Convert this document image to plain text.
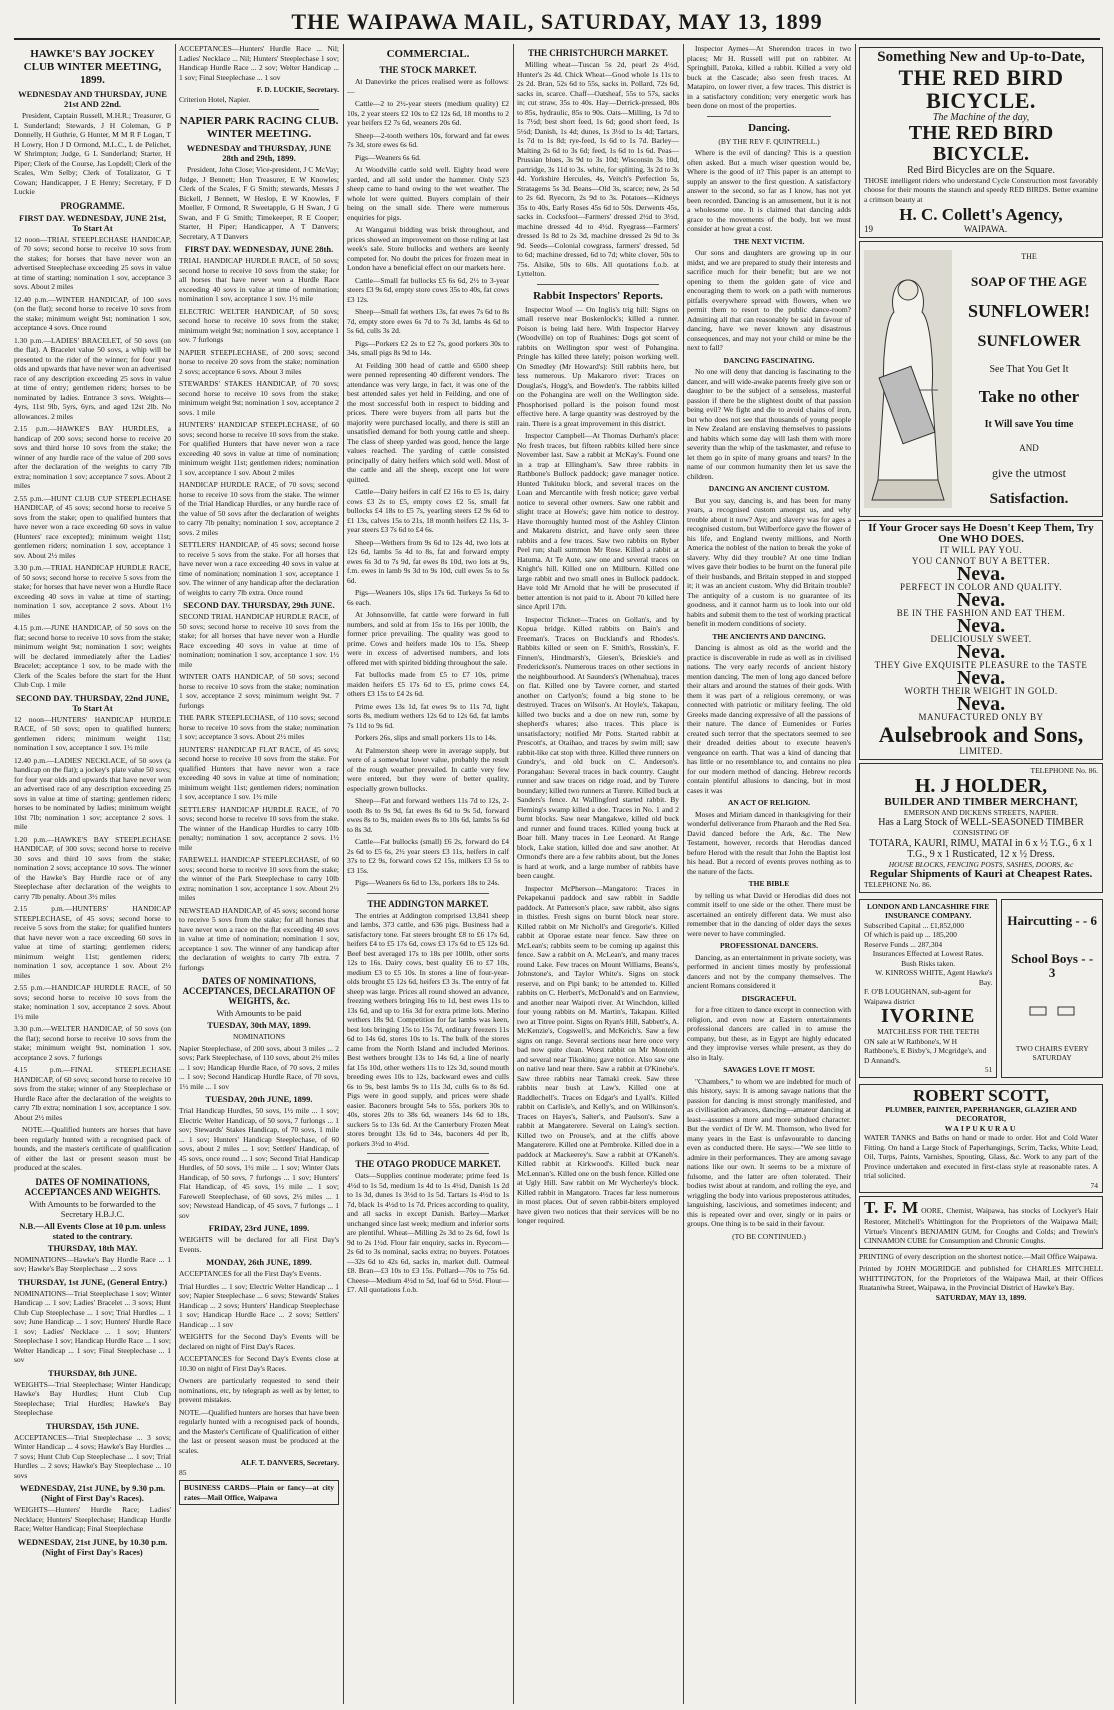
THE WAIPAWA MAIL, SATURDAY, MAY 13, 1899
HAWKE'S BAY JOCKEY CLUB WINTER MEETING, 1899.
WEDNESDAY AND THURSDAY, JUNE 21st AND 22nd.
President, Captain Russell, M.H.R.; Treasurer, G L Sunderland; Stewards, J H Coleman, G P Donnelly, H Guthrie, G Hunter, M M R F Logan, T H Lowry, Hon J D Ormond, M.L.C., L de Pelichet, W Shrimpton; Judge, G L Sunderland; Starter, H Piper; Clerk of the Course, Jas Lopdell; Clerk of the Scales, Wm Selby; Clerk of Totalizator, G T Cowan; Handicapper, J E Henry; Secretary, F D Luckie
PROGRAMME.
FIRST DAY. WEDNESDAY, JUNE 21st, To Start At
12 noon—TRIAL STEEPLECHASE HANDICAP, of 70 sovs; second horse to receive 10 sovs from the stakes; for horses that have never won an advertised Steeplechase exceeding 25 sovs in value at time of starting; nomination 1 sov, acceptance 3 sovs. About 2 miles
12.40 p.m.—WINTER HANDICAP, of 100 sovs (on the flat); second horse to receive 10 sovs from the stake; minimum weight 9st; nomination 1 sov, acceptance 4 sovs. Once round
1.30 p.m.—LADIES' BRACELET, of 50 sovs (on the flat). A Bracelet value 50 sovs, a whip will be presented to the rider of the winner; for four year olds and upwards that have never won an advertised race of any description exceeding 25 sovs in value at time of entry; gentlemen riders; horses to be nominated by ladies. Entrance 3 sovs. Weights—4yrs, 11st 9lb, 5yrs, 6yrs, and aged 12st 2lb. No allowances. 2 miles
2.15 p.m.—HAWKE'S BAY HURDLES, a handicap of 200 sovs; second horse to receive 20 sovs and third horse 10 sovs from the stake; the winner of any hurdle race of the value of 200 sovs after the declaration of the weights to carry 7lb extra; nomination 1 sov; acceptance 7 sovs. About 2 miles
2.55 p.m.—HUNT CLUB CUP STEEPLECHASE HANDICAP, of 45 sovs; second horse to receive 5 sovs from the stake; open to qualified hunters that have never won a race exceeding 60 sovs in value (Hunters' race excepted); minimum weight 11st; gentlemen riders; nomination 1 sov, acceptance 1 sov. About 2½ miles
3.30 p.m.—TRIAL HANDICAP HURDLE RACE, of 50 sovs; second horse to receive 5 sovs from the stake; for horses that have never won a Hurdle Race exceeding 40 sovs in value at time of starting; nomination 1 sov, acceptance 2 sovs. About 1½ miles
4.15 p.m.—JUNE HANDICAP, of 50 sovs on the flat; second horse to receive 10 sovs from the stake; minimum weight 9st; nomination 1 sov; weights will be declared immediately after the Ladies' Bracelet; acceptance 1 sov, to be made with the Clerk of the Scales before the start for the Hunt Club Cup. 1 mile
SECOND DAY. THURSDAY, 22nd JUNE, To Start At
12 noon—HUNTERS' HANDICAP HURDLE RACE, of 50 sovs; open to qualified hunters; gentlemen riders; minimum weight 11st; nomination 1 sov, acceptance 1 sov. 1½ mile
12.40 p.m.—LADIES' NECKLACE, of 50 sovs (a handicap on the flat); a jockey's plate value 50 sovs; for four year olds and upwards that have never won an advertised race of any description exceeding 25 sovs in value at time of starting; gentlemen riders; horses to be nominated by ladies; minimum weight 10st 7lb; nomination 1 sov; acceptance 2 sovs. 1 mile
1.20 p.m.—HAWKE'S BAY STEEPLECHASE HANDICAP, of 300 sovs; second horse to receive 30 sovs and third 10 sovs from the stake; nomination 2 sovs; acceptance 10 sovs. The winner of the Hawke's Bay Hurdle race or of any Steeplechase after declaration of the weights to carry 7lb penalty. About 3½ miles
2.15 p.m.—HUNTERS' HANDICAP STEEPLECHASE, of 45 sovs; second horse to receive 5 sovs from the stake; for qualified hunters that have never won a race exceeding 60 sovs in value at time of starting; gentlemen riders; minimum weight 11st; gentlemen riders; nomination 1 sov, acceptance 1 sov. About 2½ miles
2.55 p.m.—HANDICAP HURDLE RACE, of 50 sovs; second horse to receive 10 sovs from the stake; nomination 1 sov, acceptance 2 sovs. About 1½ mile
3.30 p.m.—WELTER HANDICAP, of 50 sovs (on the flat); second horse to receive 10 sovs from the stake; minimum weight 9st, nomination 1 sov, acceptance 2 sovs. 7 furlongs
4.15 p.m.—FINAL STEEPLECHASE HANDICAP, of 60 sovs; second horse to receive 10 sovs from the stake; winner of any Steeplechase or Hurdle Race after the declaration of the weights to carry 7lb extra; nomination 1 sov, acceptance 1 sov. About 2½ miles
NOTE.—Qualified hunters are horses that have been regularly hunted with a recognised pack of hounds, and the master's certificate of qualification of either the last or present season must be produced at the scales.
DATES OF NOMINATIONS, ACCEPTANCES AND WEIGHTS.
With Amounts to be forwarded to the Secretary H.B.J.C.
N.B.—All Events Close at 10 p.m. unless stated to the contrary.
THURSDAY, 18th MAY.
NOMINATIONS—Hawke's Bay Hurdle Race ... 1 sov; Hawke's Bay Steeplechase ... 2 sovs
THURSDAY, 1st JUNE, (General Entry.)
NOMINATIONS—Trial Steeplechase 1 sov; Winter Handicap ... 1 sov; Ladies' Bracelet ... 3 sovs; Hunt Club Cup Steeplechase ... 1 sov; Trial Hurdles ... 1 sov; June Handicap ... 1 sov; Hunters' Hurdle Race 1 sov; Ladies' Necklace ... 1 sov; Hunters' Steeplechase 1 sov; Handicap Hurdle Race ... 1 sov; Welter Handicap ... 1 sov; Final Steeplechase ... 1 sov
THURSDAY, 8th JUNE.
WEIGHTS—Trial Steeplechase; Winter Handicap; Hawke's Bay Hurdles; Hunt Club Cup Steeplechase; Trial Hurdles; Hawke's Bay Steeplechase
THURSDAY, 15th JUNE.
ACCEPTANCES—Trial Steeplechase ... 3 sovs; Winter Handicap ... 4 sovs; Hawke's Bay Hurdles ... 7 sovs; Hunt Club Cup Steeplechase ... 1 sov; Trial Hurdles ... 2 sovs; Hawke's Bay Steeplechase ... 10 sovs
WEDNESDAY, 21st JUNE, by 9.30 p.m. (Night of First Day's Races).
WEIGHTS—Hunters' Hurdle Race; Ladies' Necklace; Hunters' Steeplechase; Handicap Hurdle Race; Welter Handicap; Final Steeplechase
WEDNESDAY, 21st JUNE, by 10.30 p.m. (Night of First Day's Races)
ACCEPTANCES—Hunters' Hurdle Race ... Nil; Ladies' Necklace ... Nil; Hunters' Steeplechase 1 sov; Handicap Hurdle Race ... 2 sov; Welter Handicap ... 1 sov; Final Steeplechase ... 1 sov
F. D. LUCKIE, Secretary.
Criterion Hotel, Napier.
NAPIER PARK RACING CLUB. WINTER MEETING.
WEDNESDAY and THURSDAY, JUNE 28th and 29th, 1899.
President, John Close; Vice-president, J C McVay; Judge, J Bennett; Hon Treasurer, E W Knowles; Clerk of the Scales, F G Smith; stewards, Messrs J Bickell, J Bennett, W Heslop, E W Knowles, F Moeller, F Ormond, R Sweetapple, G H Swan, J G Swan, and F G Smith; Timekeeper, R E Cooper; Starter, H Piper; Handicapper, A T Danvers; Secretary, A T Danvers
FIRST DAY. WEDNESDAY, JUNE 28th.
TRIAL HANDICAP HURDLE RACE, of 50 sovs; second horse to receive 10 sovs from the stake; for all horses that have never won a Hurdle Race exceeding 40 sovs in value at time of nomination; nomination 1 sov, acceptance 1 sov. 1½ mile
ELECTRIC WELTER HANDICAP, of 50 sovs; second horse to receive 10 sovs from the stake; minimum weight 9st; nomination 1 sov, acceptance 1 sov. 7 furlongs
NAPIER STEEPLECHASE, of 200 sovs; second horse to receive 20 sovs from the stake; nomination 2 sovs; acceptance 6 sovs. About 3 miles
STEWARDS' STAKES HANDICAP, of 70 sovs; second horse to receive 10 sovs from the stake; minimum weight 9st; nomination 1 sov, acceptance 2 sovs. 1 mile
HUNTERS' HANDICAP STEEPLECHASE, of 60 sovs; second horse to receive 10 sovs from the stake. For qualified Hunters that have never won a race exceeding 40 sovs in value at time of nomination; minimum weight 11st; gentlemen riders; nomination 1 sov, acceptance 1 sov. About 2 miles
HANDICAP HURDLE RACE, of 70 sovs; second horse to receive 10 sovs from the stake. The winner of the Trial Handicap Hurdles, or any hurdle race of the value of 50 sovs after the declaration of weights to carry 7lb penalty; nomination 1 sov, acceptance 2 sovs. 2 miles
SETTLERS' HANDICAP, of 45 sovs; second horse to receive 5 sovs from the stake. For all horses that have never won a race exceeding 40 sovs in value at time of nomination; nomination 1 sov, acceptance 1 sov. The winner of any handicap after the declaration of weights to carry 7lb extra. Once round
SECOND DAY. THURSDAY, 29th JUNE.
SECOND TRIAL HANDICAP HURDLE RACE, of 50 sovs; second horse to receive 10 sovs from the stake; for all horses that have never won a Hurdle Race exceeding 40 sovs in value at time of nomination; nomination 1 sov, acceptance 1 sov. 1½ mile
WINTER OATS HANDICAP, of 50 sovs; second horse to receive 10 sovs from the stake; nomination 1 sov, acceptance 2 sovs; minimum weight 9st. 7 furlongs
THE PARK STEEPLECHASE, of 110 sovs; second horse to receive 10 sovs from the stake; nomination 1 sov; acceptance 3 sovs. About 2½ miles
HUNTERS' HANDICAP FLAT RACE, of 45 sovs; second horse to receive 10 sovs from the stake. For qualified Hunters that have never won a race exceeding 40 sovs in value at time of nomination; minimum weight 11st; gentlemen riders; nomination 1 sov, acceptance 1 sov. 1½ mile
SETTLERS' HANDICAP HURDLE RACE, of 70 sovs; second horse to receive 10 sovs from the stake. The winner of the Handicap Hurdles to carry 10lb penalty; nomination 1 sov, acceptance 2 sovs. 1½ mile
FAREWELL HANDICAP STEEPLECHASE, of 60 sovs; second horse to receive 10 sovs from the stake; the winner of the Park Steeplechase to carry 10lb extra; nomination 1 sov, acceptance 1 sov. About 2½ miles
NEWSTEAD HANDICAP, of 45 sovs; second horse to receive 5 sovs from the stake; for all horses that have never won a race on the flat exceeding 40 sovs in value at time of nomination; nomination 1 sov, acceptance 1 sov. The winner of any handicap after the declaration of weights to carry 7lb extra. 7 furlongs
DATES OF NOMINATIONS, ACCEPTANCES, DECLARATION OF WEIGHTS, &c.
With Amounts to be paid
TUESDAY, 30th MAY, 1899.
NOMINATIONS
Napier Steeplechase, of 200 sovs, about 3 miles ... 2 sovs; Park Steeplechase, of 110 sovs, about 2½ miles ... 1 sov; Handicap Hurdle Race, of 70 sovs, 2 miles ... 1 sov; Second Handicap Hurdle Race, of 70 sovs, 1½ mile ... 1 sov
TUESDAY, 20th JUNE, 1899.
Trial Handicap Hurdles, 50 sovs, 1½ mile ... 1 sov; Electric Welter Handicap, of 50 sovs, 7 furlongs ... 1 sov; Stewards' Stakes Handicap, of 70 sovs, 1 mile ... 1 sov; Hunters' Handicap Steeplechase, of 60 sovs, about 2 miles ... 1 sov; Settlers' Handicap, of 45 sovs, once round ... 1 sov; Second Trial Handicap Hurdles, of 50 sovs, 1½ mile ... 1 sov; Winter Oats Handicap, of 50 sovs, 7 furlongs ... 1 sov; Hunters' Flat Handicap, of 45 sovs, 1½ mile ... 1 sov; Farewell Steeplechase, of 60 sovs, 2½ miles ... 1 sov; Newstead Handicap, of 45 sovs, 7 furlongs ... 1 sov
FRIDAY, 23rd JUNE, 1899.
WEIGHTS will be declared for all First Day's Events.
MONDAY, 26th JUNE, 1899.
ACCEPTANCES for all the First Day's Events.
Trial Hurdles ... 1 sov; Electric Welter Handicap ... 1 sov; Napier Steeplechase ... 6 sovs; Stewards' Stakes Handicap ... 2 sovs; Hunters' Handicap Steeplechase 1 sov; Handicap Hurdle Race ... 2 sovs; Settlers' Handicap ... 1 sov
WEIGHTS for the Second Day's Events will be declared on night of First Day's Races.
ACCEPTANCES for Second Day's Events close at 10.30 on night of First Day's Races.
Owners are particularly requested to send their nominations, etc, by telegraph as well as by letter, to prevent mistakes.
NOTE.—Qualified hunters are horses that have been regularly hunted with a recognised pack of hounds, and the Master's Certificate of Qualification of either the last or present season must be produced at the scales.
ALF. T. DANVERS, Secretary.
85
BUSINESS CARDS—Plain or fancy—at city rates—Mail Office, Waipawa
COMMERCIAL.
THE STOCK MARKET.
At Danevirke the prices realised were as follows:—
Cattle—2 to 2½-year steers (medium quality) £2 10s, 2 year steers £2 10s to £2 12s 6d, 18 months to 2 year heifers £2 7s 6d, weaners 20s 6d.
Sheep—2-tooth wethers 10s, forward and fat ewes 7s 3d, store ewes 6s 6d.
Pigs—Weaners 6s 6d.
At Woodville cattle sold well. Eighty head were yarded, and all sold under the hammer. Only 523 sheep came to hand owing to the wet weather. The whole lot were quitted. Buyers complain of their being on the small side. There were numerous enquiries for pigs.
At Wanganui bidding was brisk throughout, and prices showed an improvement on those ruling at last week's sale. Store bullocks and wethers are keenly competed for. No doubt the prices for frozen meat in London have a beneficial effect on our markets here.
Cattle—Small fat bullocks £5 6s 6d, 2½ to 3-year steers £3 9s 6d, empty store cows 35s to 40s, fat cows £3 12s.
Sheep—Small fat wethers 13s, fat ewes 7s 6d to 8s 7d, empty store ewes 6s 7d to 7s 3d, lambs 4s 6d to 5s 6d, culls 3s 2d.
Pigs—Porkers £2 2s to £2 7s, good porkers 30s to 34s, small pigs 8s 9d to 14s.
At Feilding 300 head of cattle and 6500 sheep were penned representing 40 different vendors. The attendance was very large, in fact, it was one of the best attended sales yet held in Feilding, and one of the most successful both in respect to bidding and prices. There were buyers from all parts but the majority were purchased locally, and there is still an unsatisfied demand for both young cattle and sheep. The class of sheep yarded was good, hence the large values reached. The yarding of cattle consisted principally of dairy heifers which sold well. Most of the cattle and all the sheep, except one lot were quitted.
Cattle—Dairy heifers in calf £2 16s to £5 1s, dairy cows £3 2s to £5, empty cows £2 5s, small fat bullocks £4 18s to £5 7s, yearling steers £2 9s 6d to £1 13s, calves 15s to 21s, 18 month heifers £2 11s, 3-year steers £3 7s 6d to £4 6s.
Sheep—Wethers from 9s 6d to 12s 4d, two lots at 12s 6d, lambs 5s 4d to 8s, fat and forward empty ewes 6s 3d to 7s 9d, fat ewes 8s 10d, two lots at 9s, f.m. ewes in lamb 9s 3d to 9s 10d, cull ewes 5s to 5s 6d.
Pigs—Weaners 10s, slips 17s 6d. Turkeys 5s 6d to 6s each.
At Johnsonville, fat cattle were forward in full numbers, and sold at from 15s to 16s per 100lb, the former price prevailing. The quality was good to prime. Cows and heifers made 10s to 15s. Sheep were in excess of advertised numbers, and lots offered met with spirited bidding throughout the sale.
Fat bullocks made from £5 to £7 10s, prime maiden heifers £5 17s 6d to £5, prime cows £4, others £3 15s to £4 2s 6d.
Prime ewes 13s 1d, fat ewes 9s to 11s 7d, light sorts 8s, medium wethers 12s 6d to 12s 6d, fat lambs 7s 11d to 9s 6d.
Porkers 26s, slips and small porkers 11s to 14s.
At Palmerston sheep were in average supply, but were of a somewhat lower value, probably the result of the rough weather prevailed. In cattle very few were entered, but they were of better quality, especially grown bullocks.
Sheep—Fat and forward wethers 11s 7d to 12s, 2-tooth 8s to 9s 9d, fat ewes 8s 6d to 9s 5d, forward ewes 8s to 9s, maiden ewes 8s to 10s 6d, lambs 5s 6d to 8s 3d.
Cattle—Fat bullocks (small) £6 2s, forward do £4 2s 6d to £5 6s, 2½ year steers £3 11s, heifers in calf 37s to £2 9s, forward cows £2 15s, milkers £3 5s to £3 15s.
Pigs—Weaners 6s 6d to 13s, porkers 18s to 24s.
THE ADDINGTON MARKET.
The entries at Addington comprised 13,841 sheep and lambs, 373 cattle, and 636 pigs. Business had a satisfactory tone. Fat steers brought £8 to £6 17s 6d, heifers £4 to £5 17s 6d, cows £3 17s 6d to £5 12s 6d. Beef best averaged 17s to 18s per 100lb, other sorts 12s to 16s. Dairy cows, best quality £6 to £7 10s, medium £3 to £5 10s. In stores a line of four-year-olds brought £5 12s 6d, heifers £3 3s. The entry of fat sheep was large. Prices all round showed an advance, freezing wethers bringing 16s to 1d, best ewes 11s to 13s 6d, and up to 16s 3d for extra prime lots. Merino wethers 18s 9d. Competition for fat lambs was keen, best lots bringing 15s to 15s 7d, ordinary freezers 11s 6d to 14s 6d, stores 10s to 1s. The bulk of the stores came from the North Island and included Merinos. Best wethers brought 13s to 14s 6d, a line of nearly fat 15s 10d, other wethers 11s to 12s 3d, sound mouth breeding ewes 10s to 12s, backward ewes and culls 6s to 9s, best lambs 9s to 11s 3d, culls 6s to 8s 6d. Pigs were in good supply, and prices were shade easier. Baconers brought 54s to 55s, porkers 30s to 40s, stores 20s to 38s 6d, weaners 14s 6d to 18s, suckers 5s to 13s 6d. At the Canterbury Frozen Meat stores brought 13s 6d to 34s, baconers 4d per lb, porkers 3½d to 4½d.
THE OTAGO PRODUCE MARKET.
Oats—Supplies continue moderate; prime feed 1s 4½d to 1s 5d, medium 1s 4d to 1s 4½d, Danish 1s 2d to 1s 3d, dunes 1s 3½d to 1s 5d. Tartars 1s 4½d to 1s 7d, black 1s 4½d to 1s 7d. Prices according to quality, and all sacks in except Danish. Barley—Market unchanged since last week; medium and inferior sorts are plentiful. Wheat—Milling 2s 3d to 2s 6d, fowl 1s 9d to 2s 1½d. Flour fair enquiry, sacks in. Ryecorn—2s 6d to 3s nominal, sacks extra; no buyers. Potatoes—32s 6d to 42s 6d, sacks in, market dull. Oatmeal £8. Bran—£3 10s to £3 15s. Pollard—70s to 75s 6d. Cheese—Medium 4½d to 5d, loaf 6d to 5½d. Flour—£7. All quotations f.o.b.
THE CHRISTCHURCH MARKET.
Milling wheat—Tuscan 5s 2d, pearl 2s 4½d, Hunter's 2s 4d. Chick Wheat—Good whole 1s 11s to 2s 2d. Bran, 52s 6d to 55s, sacks in. Pollard, 72s 6d, sacks in, scarce. Chaff—Oatsheaf, 55s to 57s, sacks in; cut straw, 35s to 40s. Hay—Derrick-pressed, 80s to 85s, hydraulic, 85s to 90s. Oats—Milling, 1s 7d to 1s 7½d; best short feed, 1s 6d; good short feed, 1s 5½d; Danish, 1s 4d; dunes, 1s 3½d to 1s 4d; Tartars, 1s 7d to 1s 8d; rye-feed, 1s 6d to 1s 7d. Barley—Malting 2s 6d to 3s 6d; feed, 1s 6d to 1s 6d. Peas—Prussian blues, 3s 9d to 3s 10d; Wisconsin 3s 10d, partridge, 3s 11d to 3s. white, for splitting, 3s 2d to 3s 4d. Yorkshire Hercules, 4s, Veitch's Perfection 5s, Stratagems 5s 3d. Beans—Old 3s, scarce; new, 2s 5d to 2s 6d. Ryecorn, 2s 9d to 3s. Potatoes—Kidneys 35s to 40s, Early Roses 45s 6d to 50s. Derwents 45s, sacks in. Cocksfoot—Farmers' dressed 2½d to 3½d, machine dressed 4d to 4½d. Ryegrass—Farmers' dressed 1s 8d to 2s 3d, machine dressed 2s 9d to 3s 9d. Seeds—Colonial cowgrass, farmers' dressed, 5d to 6d; machine dressed, 6d to 7d; white clover, 50s to 75s. Alsike, 50s to 60s. All quotations f.o.b. at Lyttelton.
Rabbit Inspectors' Reports.
Inspector Woof — On Inglis's trig hill: Signs on small reserve near Boskenlock's; killed a runner. Poison is being laid here. With Inspector Harvey (Woodville) on top of Ruahines: Dogs got scent of rabbits on Wellington spur west of Pohangina. Pringle has killed three lately; poison working well. On Smedley (Mr Howard's): Still rabbits here, but less numerous. Up Makaroro river: Traces on Douglas's, Hogg's, and Bowden's. The rabbits killed on the Pohangina are well on the Wellington side. Phosphorised pollard is the poison found most effective here. A large quantity was destroyed by the rain. There is a great improvement in this district.
Inspector Campbell—At Thomas Durham's place: No fresh traces, but fifteen rabbits killed here since November last. Saw a rabbit at McKay's. Found one in a trap at Ellingham's. Saw three rabbits in Rathbone's Bullock paddock; gave manager notice. Hunted Tukituku block, and several traces on the Loan and Mercantile with fresh notice; gave verbal notice to several other owners. Saw one rabbit and slight trace at Howe's; gave him notice to destroy. Have thoroughly hunted most of the Ashley Clinton and Makaretu district, and have only seen three rabbits and a few traces. Saw two rabbits on Ryber Peel run; shall summon Mr Rose. Killed a rabbit at Hatuma. At Te Aute, saw one and several traces on Knight's hill. Killed one on Millburn. Killed one large rabbit and two small ones in Bullock paddock. Have told Mr Arnold that he will be prosecuted if better attention is not paid to it. About 70 killed here since April 17th.
Inspector Tickner—Traces on Gollan's, and by Kopua bridge. Killed rabbits on Bain's and Freeman's. Traces on Buckland's and Rhodes's. Rabbits killed or seen on F. Smith's, Rosskin's, F. Finnen's, Hindmarsh's, Giesen's, Brieskie's and Frederickson's. Numerous traces on other sections in the neighbourhood. At Saunders's (Whenahua), traces on flat. Killed one by Tavere corner, and started another on Carlyon's; found a big stone to be destroyed. Traces on Wilson's. At Hoyle's, Takapau, killed two bucks and a doe on new run, some by shepherd's whares; also traces. This place is unsatisfactory; notified Mr Potts. Started rabbit at Prescott's, at Otaihao, and traces by swim mill; saw rabbit-like cat stop with three. Killed three runners on Gundry's, and old buck on C. Anderson's. Porangahau: Several traces in back country. Caught runner and saw traces on ridge road, and by Turere boundary; killed two runners at Turere. Killed buck at Sanders's fence. At Wallingford started rabbit. By Fleming's swamp killed a doe. Traces in No. 1 and 2 burnt blocks. Saw near Mangakwe, killed old buck and runner and found traces. Killed young buck at Boar hill. Many traces in Lee Leonard. At Range block, Lake station, killed doe and saw another. At Ormond's there are a few rabbits about, but the Jones is hard at work, and a large number of rabbits have been caught.
Inspector McPherson—Mangatoro: Traces in Pekapekanui paddock and saw rabbit in Saddle paddock. At Patterson's place, saw rabbit, also signs in thistles. Fresh signs on burnt block near store. Killed rabbit on Mr Nicholl's and Gregorie's. Killed rabbit at Oporae estate near fence. Saw three on McLean's; rabbits seem to be coming up against this fence. Saw a rabbit on A. McLean's, and many traces round Lake. Few traces on Mount Williams, Beans's, Johnstone's, and Taylor White's. Signs on stock reserve, and on Pipi bank; to be attended to. Killed rabbits on C. Herbert's, McDonald's and on Earnview, and another near Waipoti river. At Winchdon, killed four young rabbits on M. Martin's, Takapau. Killed two at Titree point. Signs on Ryan's Hill, Sabbett's, A. McKenzie's, Cogswell's, and McKeich's. Saw a few signs on range. Several sections near here once very bad now quite clean. Worst rabbit on Mr Monteith and several near Tikokino; gave notice. Also saw one on native land near there. Saw a rabbit at O'Kinehe's. Saw three rabbits near Tamaki creek. Saw three rabbits near bush at Law's. Killed one at Raddlechell's. Traces on Edgar's and Lyall's. Killed rabbit on Carlisle's, and Kelly's, and on Wilkinson's. Traces on Hayes's, Salter's, and Paulson's. Saw a rabbit at Mangaterere. Several on Laing's section. Killed two on Prouse's, and at the cliffs above Mangaterere. Killed one at Pembroke. Killed doe in a paddock at Mackeerey's. Saw a rabbit at O'Kaneh's. Killed rabbit at Kirkwood's. Killed buck near McLennan's. Killed one on the bush fence. Killed one at Ugly Hill. Saw rabbit on Mr Wycherley's block. Killed rabbit in Mangatoro. Traces far less numerous in most places. Out of seven rabbit-biters employed have given two notices that their services will be no longer required.
Inspector Aymes—At Sherendon traces in two places; Mr H. Russell will put on rabbiter. At Springhill, Patoka, killed a rabbit. Killed a very old buck at the Cascade; also seen fresh traces. At Matapiro, on lower river, a few traces. This district is in a satisfactory condition; very energetic work has been done on most of the properties.
Dancing.
(BY THE REV F. QUINTRELL.)
Where is the evil of dancing? This is a question often asked. But a much wiser question would be, Where is the good of it? This paper is an attempt to supply an answer to the first question. A satisfactory answer to the second, so far as I know, has not yet been recorded. Dancing is an amusement, but it is not a wholesome one. It is claimed that dancing adds grace to the movements of the body, but we must consider at how great a cost.
THE NEXT VICTIM.
Our sons and daughters are growing up in our midst, and we are prepared to study their interests and sacrifice much for their benefit; but are we not opening to them the golden gate of vice and encouraging them to work on a path with numerous pitfalls everywhere spread with flowers, when we permit them to resort to the public dance-room? Admitting all that can reasonably be said in favour of dancing, have we never known any disastrous consequences, and may not your child or mine be the next to fall?
DANCING FASCINATING.
No one will deny that dancing is fascinating to the dancer, and will wide-awake parents freely give son or daughter to be the subject of a senseless, masterful passion if there be the slightest doubt of that passion being evil? We fight and die to avoid chains of iron, but who does not see that thousands of young people in New Zealand are enslaving themselves to passions and habits which some day will lash them with more severity than the whip of the taskmaster, and refuse to let them go in spite of many groans and tears? In the name of our common humanity then let us save the children.
DANCING AN ANCIENT CUSTOM.
But you say, dancing is, and has been for many years, a recognised custom amongst us, and why trouble about it now? Aye; and slavery was for ages a recognised custom, but Wilberforce gave the flower of his life, and England twenty millions, and North America the noblest of the nation to break the yoke of slavery. Why did they trouble? At one time Indian wives gave their bodies to be burnt on the funeral pile of their husbands, and Britain stepped in and stopped it; it was an ancient custom. Why did Britain trouble? The antiquity of a custom is no guarantee of its goodness, and it cannot harm us to look into our old habits and submit them to the test of working practical benefit in modern conditions of society.
THE ANCIENTS AND DANCING.
Dancing is almost as old as the world and the practice is discoverable in rude as well as in civilised nations. The very early records of ancient history mention dancing. The men of long ago danced before their altars and around the statues of their gods. With them it was part of a religious ceremony, or was connected with patriotic or military feeling. The old Greeks made dancing expressive of all the passions of their nature. The dance of Eumenides or Furies created such terror that the spectators seemed to see their dreaded deities about to execute heaven's vengeance on earth. That was a kind of dancing that has little or no resemblance to, and contains no plea for our modern method of dancing. Hebrew records contain plentiful allusions to dancing, but in most cases it was
AN ACT OF RELIGION.
Moses and Miriam danced in thanksgiving for their wonderful deliverance from Pharaoh and the Red Sea. David danced before the Ark, &c. The New Testament, however, records that Herodias danced before Herod with the result that John the Baptist lost his head. But a record of events proves nothing as to the nature of the facts.
THE BIBLE
by telling us what David or Herodias did does not commit itself to one side or the other. There must be ascertained an entirely different data. We must also remember that in the dancing of older days the sexes were never to have commingled.
PROFESSIONAL DANCERS.
Dancing, as an entertainment in private society, was performed in ancient times mostly by professional dancers and not by the company themselves. The ancient Romans considered it
DISGRACEFUL
for a free citizen to dance except in connection with religion, and even now at Eastern entertainments professional dancers are called in to amuse the company, but these, as in Egypt are highly educated and they improvise verses while present, as they do also in Italy.
SAVAGES LOVE IT MOST.
"Chambers," to whom we are indebted for much of this history, says: It is among savage nations that the passion for dancing is most strongly manifested, and as civilisation advances, dancing—amateur dancing at least—assumes a more and more subdued character. But the verdict of Dr W. M. Thomson, who lived for many years in the East is unfavourable to dancing even as conducted there. He says:—"We see little to admire in their performances. They are among savage nations like our own. It seems to be a mixture of fulsome, and the latter are often tolerated. Their bodies twist about at random, and rolling the eye, and wriggling the body into various preposterous attitudes, languishing, lascivious, and sometimes indecent; and this is repeated over and over, singly or in pairs or groups. One thing is to be said in their favour.
(TO BE CONTINUED.)
Something New and Up-to-Date,
THE RED BIRD BICYCLE.
The Machine of the day,
THE RED BIRD BICYCLE.
Red Bird Bicycles are on the Square.
THOSE intelligent riders who understand Cycle Construction most favorably choose for their mounts the staunch and speedy RED BIRDS. Better examine a crimson beauty at
H. C. Collett's Agency,
19	WAIPAWA.
THE
SOAP OF THE AGE
SUNFLOWER!
SUNFLOWER
See That You Get It
Take no other
It Will save You time
AND
give the utmost
Satisfaction.
If Your Grocer says He Doesn't Keep Them, Try One WHO DOES.
IT WILL PAY YOU.
YOU CANNOT BUY A BETTER.
Neva.
PERFECT IN COLOR AND QUALITY.
Neva.
BE IN THE FASHION AND EAT THEM.
Neva.
DELICIOUSLY SWEET.
Neva.
THEY Give EXQUISITE PLEASURE to the TASTE
Neva.
WORTH THEIR WEIGHT IN GOLD.
Neva.
MANUFACTURED ONLY BY
Aulsebrook and Sons,
LIMITED.
TELEPHONE No. 86.
H. J HOLDER,
BUILDER AND TIMBER MERCHANT,
EMERSON AND DICKENS STREETS, NAPIER.
Has a Larg Stock of WELL-SEASONED TIMBER
CONSISTING OF
TOTARA, KAURI, RIMU, MATAI in 6 x ½ T.G., 6 x 1 T.G., 9 x 1 Rusticated, 12 x ½ Dress.
HOUSE BLOCKS, FENCING POSTS, SASHES, DOORS, &c
Regular Shipments of Kauri at Cheapest Rates.
TELEPHONE No. 86.
LONDON AND LANCASHIRE FIRE INSURANCE COMPANY.
Subscribed Capital ... £1,852,000
Of which is paid up ... 185,200
Reserve Funds ... 287,304
Insurances Effected at Lowest Rates.
Bush Risks taken.
W. KINROSS WHITE, Agent Hawke's Bay.
F. O'B LOUGHNAN, sub-agent for Waipawa district
IVORINE
MATCHLESS FOR THE TEETH
ON sale at W Rathbone's, W H Rathbone's, E Bixby's, J Mcgridge's, and D Annand's.
51
Haircutting - - 6
School Boys - - 3
TWO CHAIRS EVERY SATURDAY
ROBERT SCOTT,
PLUMBER, PAINTER, PAPERHANGER, GLAZIER AND DECORATOR,
WAIPUKURAU
WATER TANKS and Baths on hand or made to order. Hot and Cold Water Fitting. On hand a Large Stock of Paperhangings, Scrim, Tacks, White Lead, Oil, Turps, Paints, Varnishes, Spouting, Glass, &c. Work to any part of the Province undertaken and executed in first-class style at reasonable rates. A trial solicited.
74
T. F. M OORE, Chemist, Waipawa, has stocks of Lockyer's Hair Restorer, Mitchell's Whittington for the Proprietors of the Waipawa Mail; Virtue's Vincent's BENJAMIN GUM, for Coughs and Colds; and Trewin's CINNAMON CUBE for Consumption and Chronic Coughs.
PRINTING of every description on the shortest notice.—Mail Office Waipawa.
Printed by JOHN MOGRIDGE and published for CHARLES MITCHELL WHITTINGTON, for the Proprietors of the Waipawa Mail, at their Offices Ruataniwha Street, Waipawa, in the Provincial District of Hawke's Bay.
SATURDAY, MAY 13, 1899.
